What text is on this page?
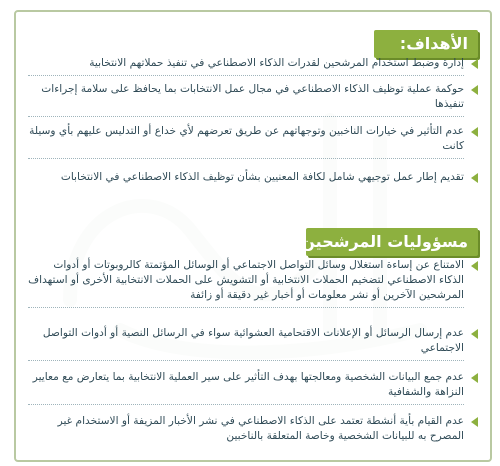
الأهداف:
إدارة وضبط استخدام المرشحين لقدرات الذكاء الاصطناعي في تنفيذ حملاتهم الانتخابية
حوكمة عملية توظيف الذكاء الاصطناعي في مجال عمل الانتخابات بما يحافظ على سلامة إجراءات تنفيذها
عدم التأثير في خيارات الناخبين وتوجهاتهم عن طريق تعرضهم لأي خداع أو التدليس عليهم بأي وسيلة كانت
تقديم إطار عمل توجيهي شامل لكافة المعنيين بشأن توظيف الذكاء الاصطناعي في الانتخابات
مسؤوليات المرشحين:
الامتناع عن إساءة استغلال وسائل التواصل الاجتماعي أو الوسائل المؤتمتة كالروبوتات أو أدوات الذكاء الاصطناعي لتضخيم الحملات الانتخابية أو التشويش على الحملات الانتخابية الأخرى أو استهداف المرشحين الآخرين أو نشر معلومات أو أخبار غير دقيقة أو زائفة
عدم إرسال الرسائل أو الإعلانات الاقتحامية العشوائية سواء في الرسائل النصية أو أدوات التواصل الاجتماعي
عدم جمع البيانات الشخصية ومعالجتها بهدف التأثير على سير العملية الانتخابية بما يتعارض مع معايير النزاهة والشفافية
عدم القيام بأية أنشطة تعتمد على الذكاء الاصطناعي في نشر الأخبار المزيفة أو الاستخدام غير المصرح به للبيانات الشخصية وخاصة المتعلقة بالناخبين
